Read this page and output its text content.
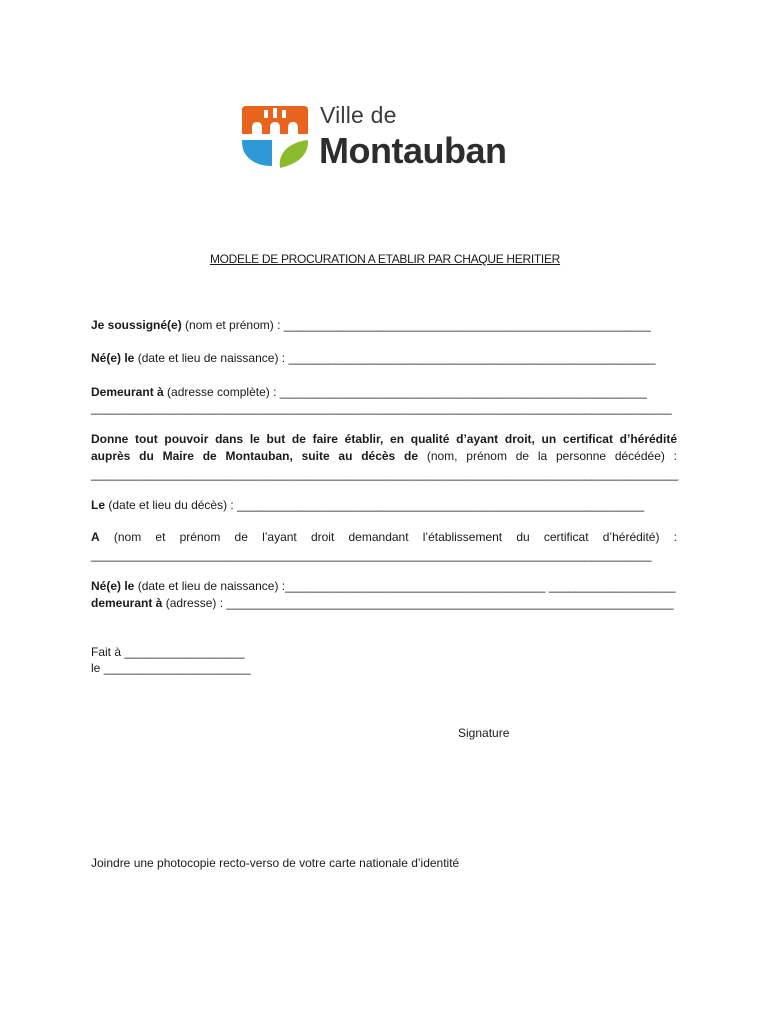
Ville de
Montauban
MODELE DE PROCURATION A ETABLIR PAR CHAQUE HERITIER
Je soussigné(e) (nom et prénom) : _______________________________________________________
Né(e) le (date et lieu de naissance) : _______________________________________________________
Demeurant à (adresse complète) : _______________________________________________________
_______________________________________________________________________________________
Donne tout pouvoir dans le but de faire établir, en qualité d’ayant droit, un certificat d’hérédité
auprès du Maire de Montauban, suite au décès de (nom, prénom de la personne décédée) :
________________________________________________________________________________________
Le (date et lieu du décès) : _____________________________________________________________
A (nom et prénom de l’ayant droit demandant l’établissement du certificat d’hérédité) :
____________________________________________________________________________________
Né(e) le (date et lieu de naissance) :_______________________________________ ___________________
demeurant à (adresse) : ___________________________________________________________________
Fait à __________________
le ______________________
Signature
Joindre une photocopie recto-verso de votre carte nationale d’identité
